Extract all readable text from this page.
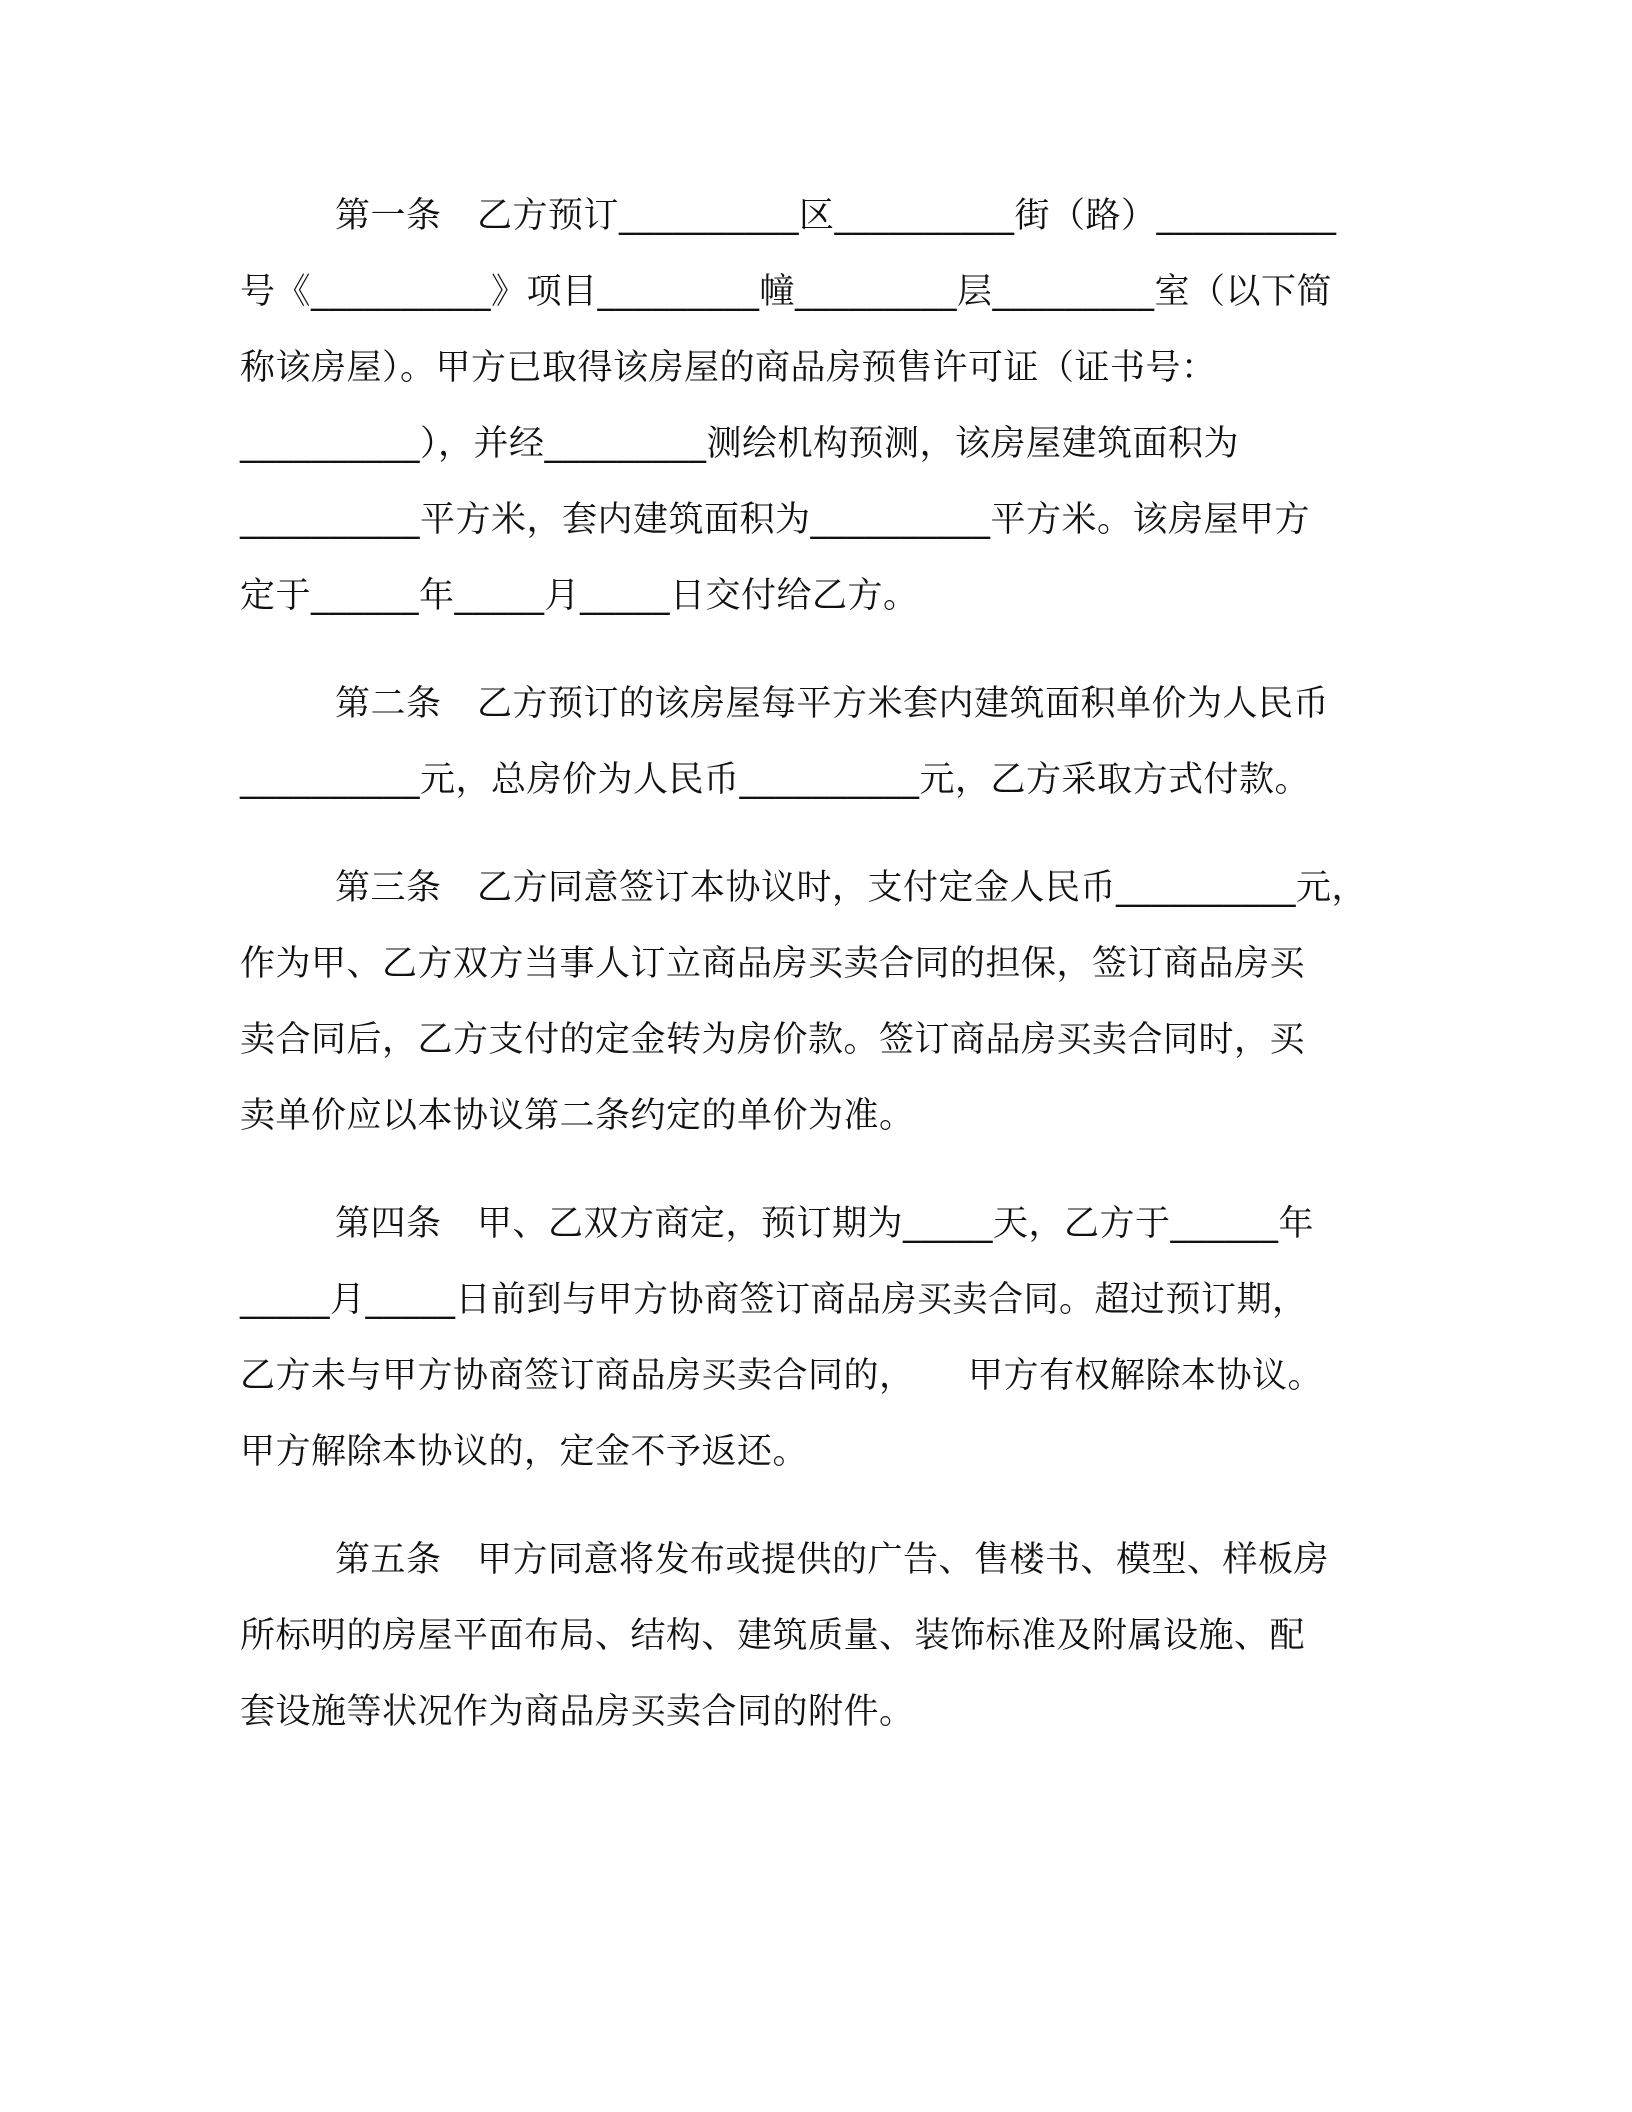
第一条　乙方预订__________区__________街（路）__________
号《__________》项目_________幢_________层_________室（以下简
称该房屋）。甲方已取得该房屋的商品房预售许可证（证书号：
__________），并经_________测绘机构预测，该房屋建筑面积为
__________平方米，套内建筑面积为__________平方米。该房屋甲方
定于______年_____月_____日交付给乙方。
第二条　乙方预订的该房屋每平方米套内建筑面积单价为人民币
__________元，总房价为人民币__________元，乙方采取方式付款。
第三条　乙方同意签订本协议时，支付定金人民币__________元，
作为甲、乙方双方当事人订立商品房买卖合同的担保，签订商品房买
卖合同后，乙方支付的定金转为房价款。签订商品房买卖合同时，买
卖单价应以本协议第二条约定的单价为准。
第四条　甲、乙双方商定，预订期为_____天，乙方于______年
_____月_____日前到与甲方协商签订商品房买卖合同。超过预订期，
乙方未与甲方协商签订商品房买卖合同的，　　甲方有权解除本协议。
甲方解除本协议的，定金不予返还。
第五条　甲方同意将发布或提供的广告、售楼书、模型、样板房
所标明的房屋平面布局、结构、建筑质量、装饰标准及附属设施、配
套设施等状况作为商品房买卖合同的附件。
